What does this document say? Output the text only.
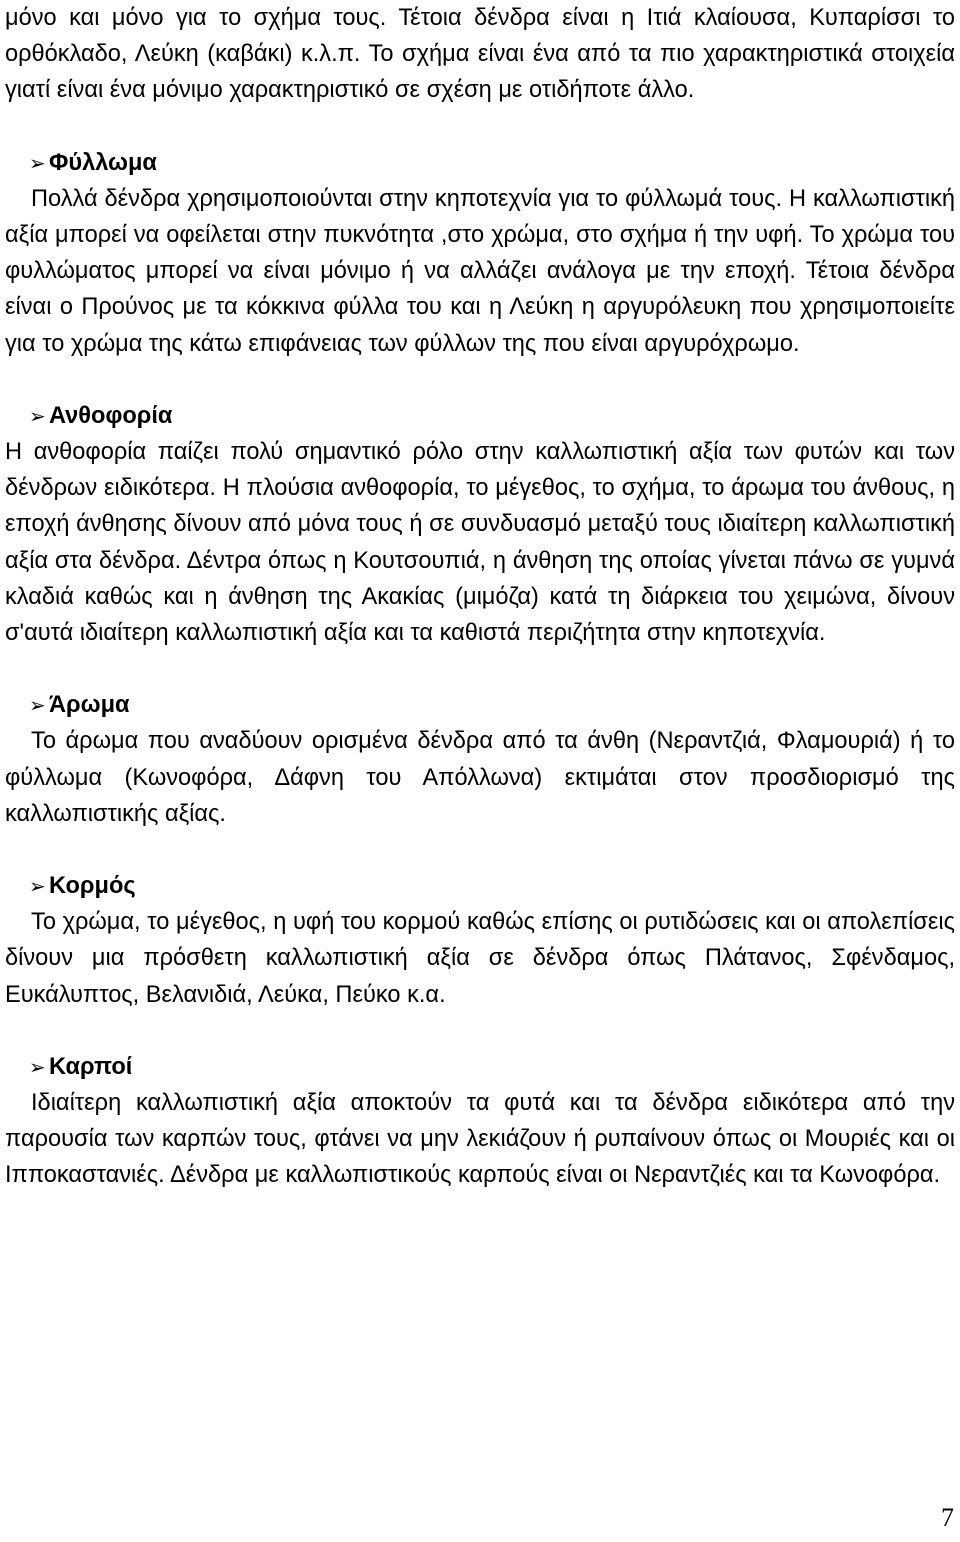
μόνο και μόνο για το σχήμα τους. Τέτοια δένδρα είναι η Ιτιά κλαίουσα, Κυπαρίσσι το ορθόκλαδο, Λεύκη (καβάκι) κ.λ.π. Το σχήμα είναι ένα από τα πιο χαρακτηριστικά στοιχεία γιατί είναι ένα μόνιμο χαρακτηριστικό σε σχέση με οτιδήποτε άλλο.

➢ Φύλλωμα

Πολλά δένδρα χρησιμοποιούνται στην κηποτεχνία για το φύλλωμά τους. Η καλλωπιστική αξία μπορεί να οφείλεται στην πυκνότητα ,στο χρώμα, στο σχήμα ή την υφή. Το χρώμα του φυλλώματος μπορεί να είναι μόνιμο ή να αλλάζει ανάλογα με την εποχή. Τέτοια δένδρα είναι ο Προύνος με τα κόκκινα φύλλα του και η Λεύκη η αργυρόλευκη που χρησιμοποιείτε για το χρώμα της κάτω επιφάνειας των φύλλων της που είναι αργυρόχρωμο.

➢ Ανθοφορία

Η ανθοφορία παίζει πολύ σημαντικό ρόλο στην καλλωπιστική αξία των φυτών και των δένδρων ειδικότερα. Η πλούσια ανθοφορία, το μέγεθος, το σχήμα, το άρωμα του άνθους, η εποχή άνθησης δίνουν από μόνα τους ή σε συνδυασμό μεταξύ τους ιδιαίτερη καλλωπιστική αξία στα δένδρα. Δέντρα όπως η Κουτσουπιά, η άνθηση της οποίας γίνεται πάνω σε γυμνά κλαδιά καθώς και η άνθηση της Ακακίας (μιμόζα) κατά τη διάρκεια του χειμώνα, δίνουν σ'αυτά ιδιαίτερη καλλωπιστική αξία και τα καθιστά περιζήτητα στην κηποτεχνία.

➢ Άρωμα

Το άρωμα που αναδύουν ορισμένα δένδρα από τα άνθη (Νεραντζιά, Φλαμουριά) ή το φύλλωμα (Κωνοφόρα, Δάφνη του Απόλλωνα) εκτιμάται στον προσδιορισμό της καλλωπιστικής αξίας.

➢ Κορμός

Το χρώμα, το μέγεθος, η υφή του κορμού καθώς επίσης οι ρυτιδώσεις και οι απολεπίσεις δίνουν μια πρόσθετη καλλωπιστική αξία σε δένδρα όπως Πλάτανος, Σφένδαμος, Ευκάλυπτος, Βελανιδιά, Λεύκα, Πεύκο κ.α.

➢ Καρποί

Ιδιαίτερη καλλωπιστική αξία αποκτούν τα φυτά και τα δένδρα ειδικότερα από την παρουσία των καρπών τους, φτάνει να μην λεκιάζουν ή ρυπαίνουν όπως οι Μουριές και οι Ιπποκαστανιές. Δένδρα με καλλωπιστικούς καρπούς είναι οι Νεραντζιές και τα Κωνοφόρα.

7
